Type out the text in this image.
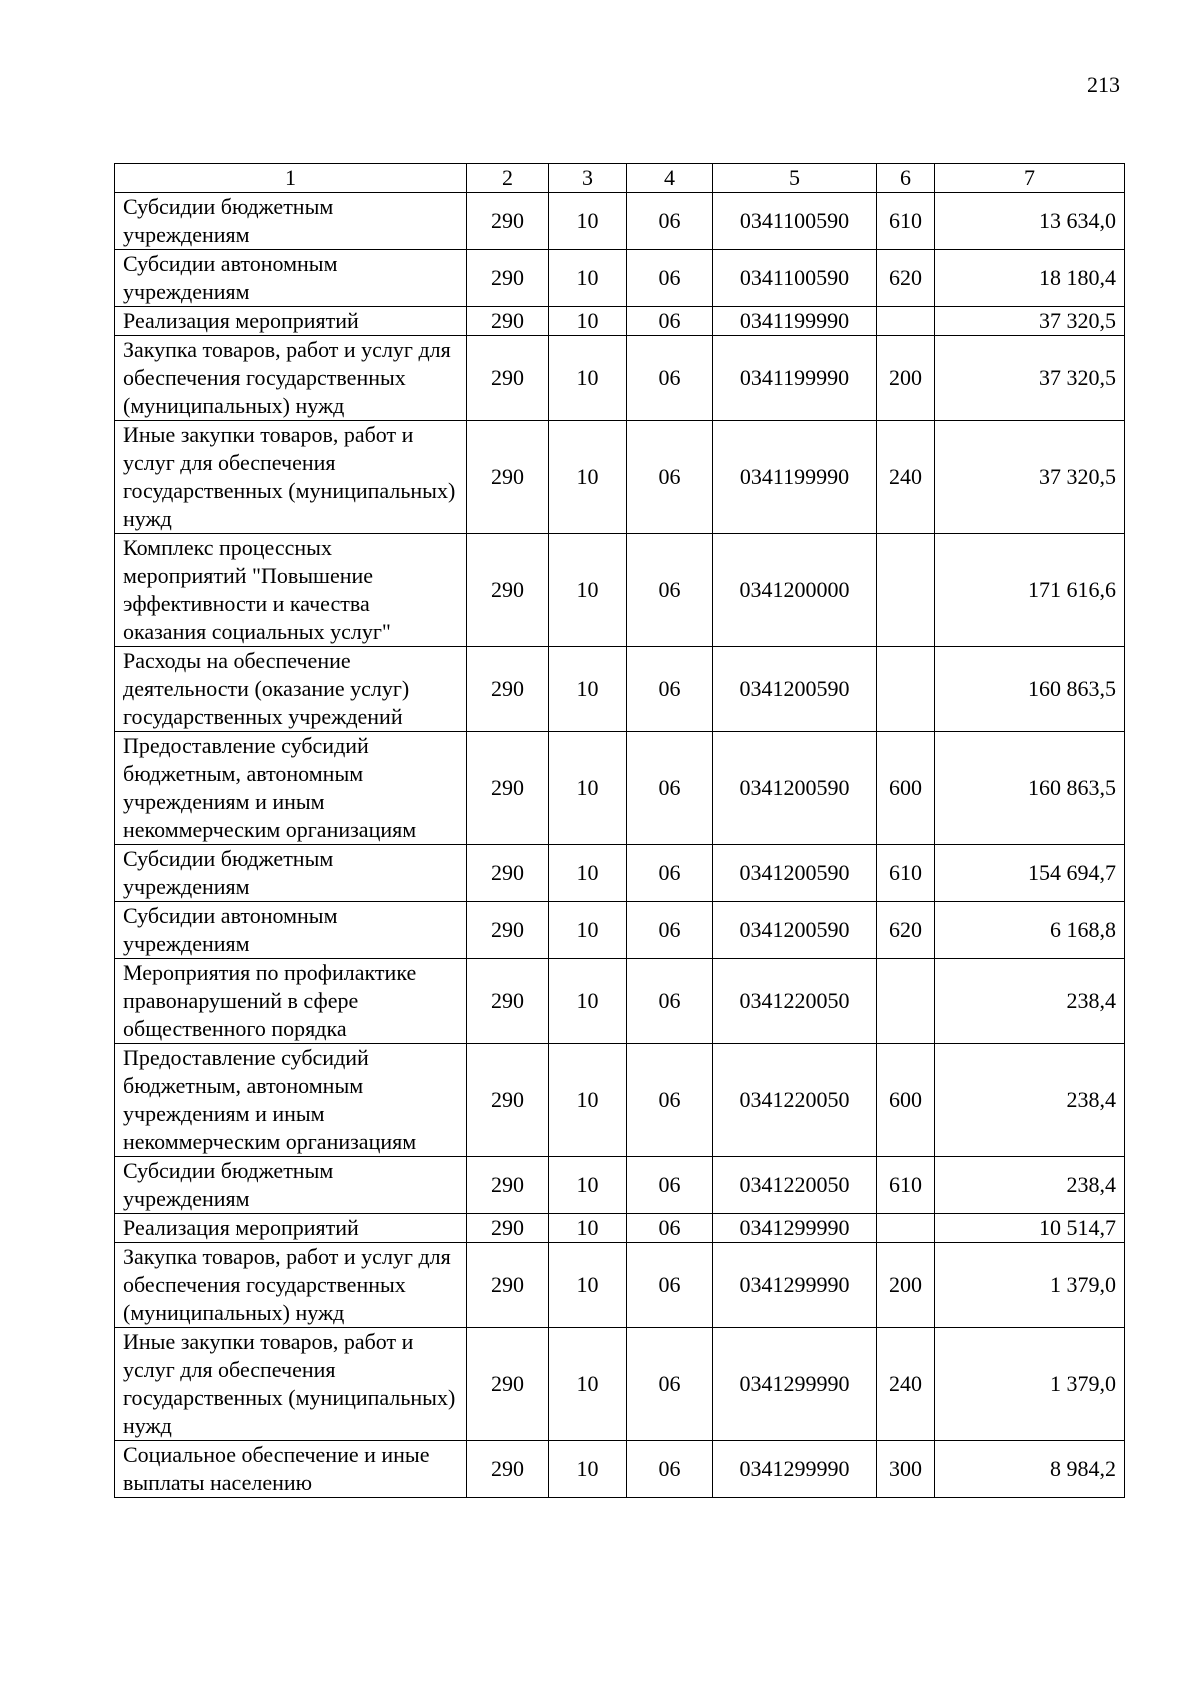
213
1	2	3	4	5	6	7
Субсидии бюджетным учреждениям	290	10	06	0341100590	610	13 634,0
Субсидии автономным учреждениям	290	10	06	0341100590	620	18 180,4
Реализация мероприятий	290	10	06	0341199990		37 320,5
Закупка товаров, работ и услуг для обеспечения государственных (муниципальных) нужд	290	10	06	0341199990	200	37 320,5
Иные закупки товаров, работ и услуг для обеспечения государственных (муниципальных) нужд	290	10	06	0341199990	240	37 320,5
Комплекс процессных мероприятий "Повышение эффективности и качества оказания социальных услуг"	290	10	06	0341200000		171 616,6
Расходы на обеспечение деятельности (оказание услуг) государственных учреждений	290	10	06	0341200590		160 863,5
Предоставление субсидий бюджетным, автономным учреждениям и иным некоммерческим организациям	290	10	06	0341200590	600	160 863,5
Субсидии бюджетным учреждениям	290	10	06	0341200590	610	154 694,7
Субсидии автономным учреждениям	290	10	06	0341200590	620	6 168,8
Мероприятия по профилактике правонарушений в сфере общественного порядка	290	10	06	0341220050		238,4
Предоставление субсидий бюджетным, автономным учреждениям и иным некоммерческим организациям	290	10	06	0341220050	600	238,4
Субсидии бюджетным учреждениям	290	10	06	0341220050	610	238,4
Реализация мероприятий	290	10	06	0341299990		10 514,7
Закупка товаров, работ и услуг для обеспечения государственных (муниципальных) нужд	290	10	06	0341299990	200	1 379,0
Иные закупки товаров, работ и услуг для обеспечения государственных (муниципальных) нужд	290	10	06	0341299990	240	1 379,0
Социальное обеспечение и иные выплаты населению	290	10	06	0341299990	300	8 984,2
